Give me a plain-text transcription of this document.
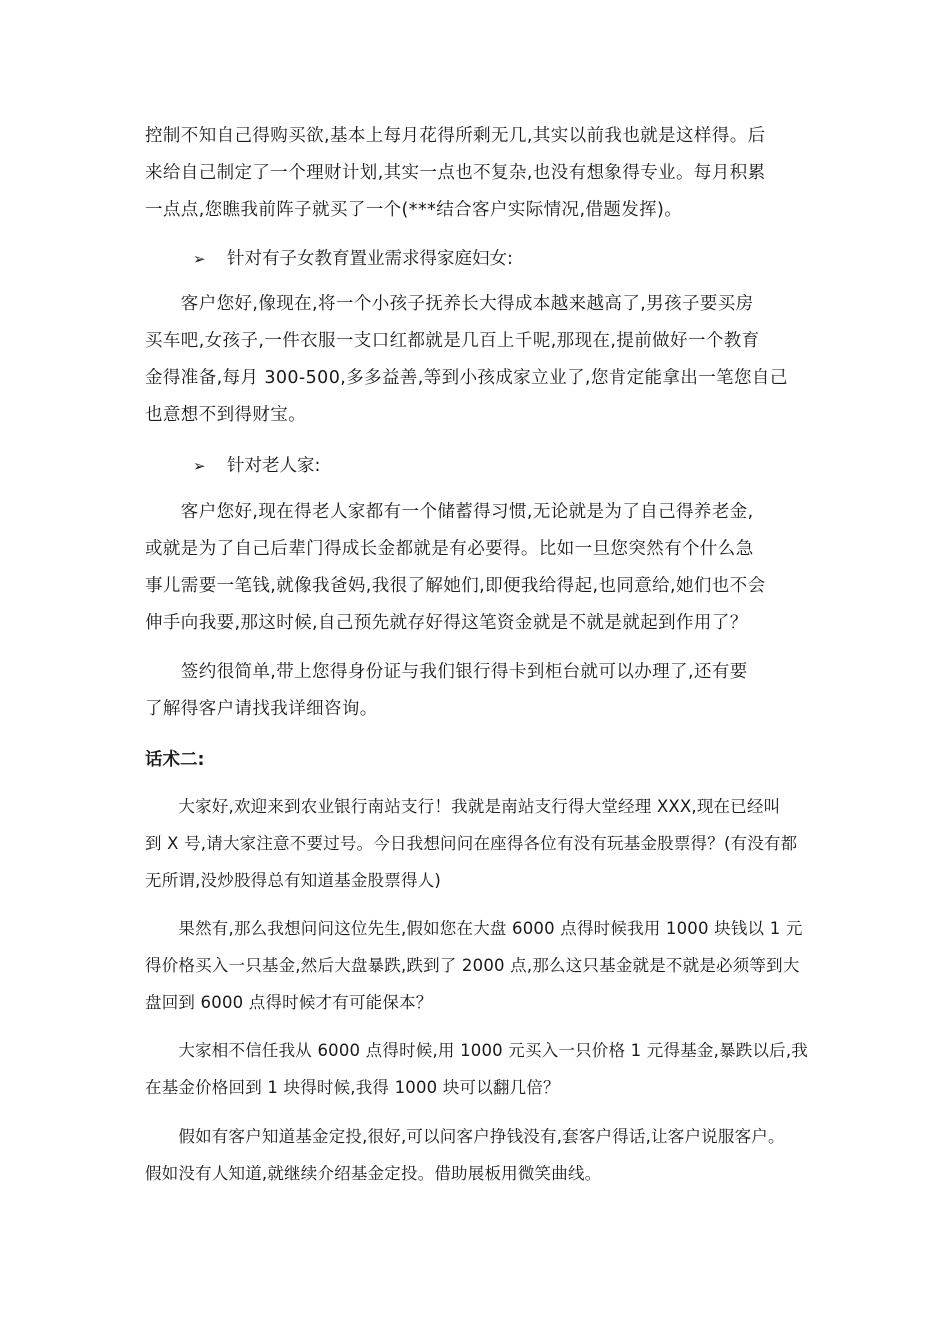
控制不知自己得购买欲,基本上每月花得所剩无几,其实以前我也就是这样得。后
来给自己制定了一个理财计划,其实一点也不复杂,也没有想象得专业。每月积累
一点点,您瞧我前阵子就买了一个(***结合客户实际情况,借题发挥)。
➢ 针对有子女教育置业需求得家庭妇女:
　　客户您好,像现在,将一个小孩子抚养长大得成本越来越高了,男孩子要买房
买车吧,女孩子,一件衣服一支口红都就是几百上千呢,那现在,提前做好一个教育
金得准备,每月 300-500,多多益善,等到小孩成家立业了,您肯定能拿出一笔您自己
也意想不到得财宝。
➢ 针对老人家:
　　客户您好,现在得老人家都有一个储蓄得习惯,无论就是为了自己得养老金,
或就是为了自己后辈门得成长金都就是有必要得。比如一旦您突然有个什么急
事儿需要一笔钱,就像我爸妈,我很了解她们,即便我给得起,也同意给,她们也不会
伸手向我要,那这时候,自己预先就存好得这笔资金就是不就是就起到作用了？
　　签约很简单,带上您得身份证与我们银行得卡到柜台就可以办理了,还有要
了解得客户请找我详细咨询。
话术二:
　　大家好,欢迎来到农业银行南站支行！我就是南站支行得大堂经理 XXX,现在已经叫
到 X 号,请大家注意不要过号。今日我想问问在座得各位有没有玩基金股票得？(有没有都
无所谓,没炒股得总有知道基金股票得人)
　　果然有,那么我想问问这位先生,假如您在大盘 6000 点得时候我用 1000 块钱以 1 元
得价格买入一只基金,然后大盘暴跌,跌到了 2000 点,那么这只基金就是不就是必须等到大
盘回到 6000 点得时候才有可能保本？
　　大家相不信任我从 6000 点得时候,用 1000 元买入一只价格 1 元得基金,暴跌以后,我
在基金价格回到 1 块得时候,我得 1000 块可以翻几倍？
　　假如有客户知道基金定投,很好,可以问客户挣钱没有,套客户得话,让客户说服客户。
假如没有人知道,就继续介绍基金定投。借助展板用微笑曲线。
